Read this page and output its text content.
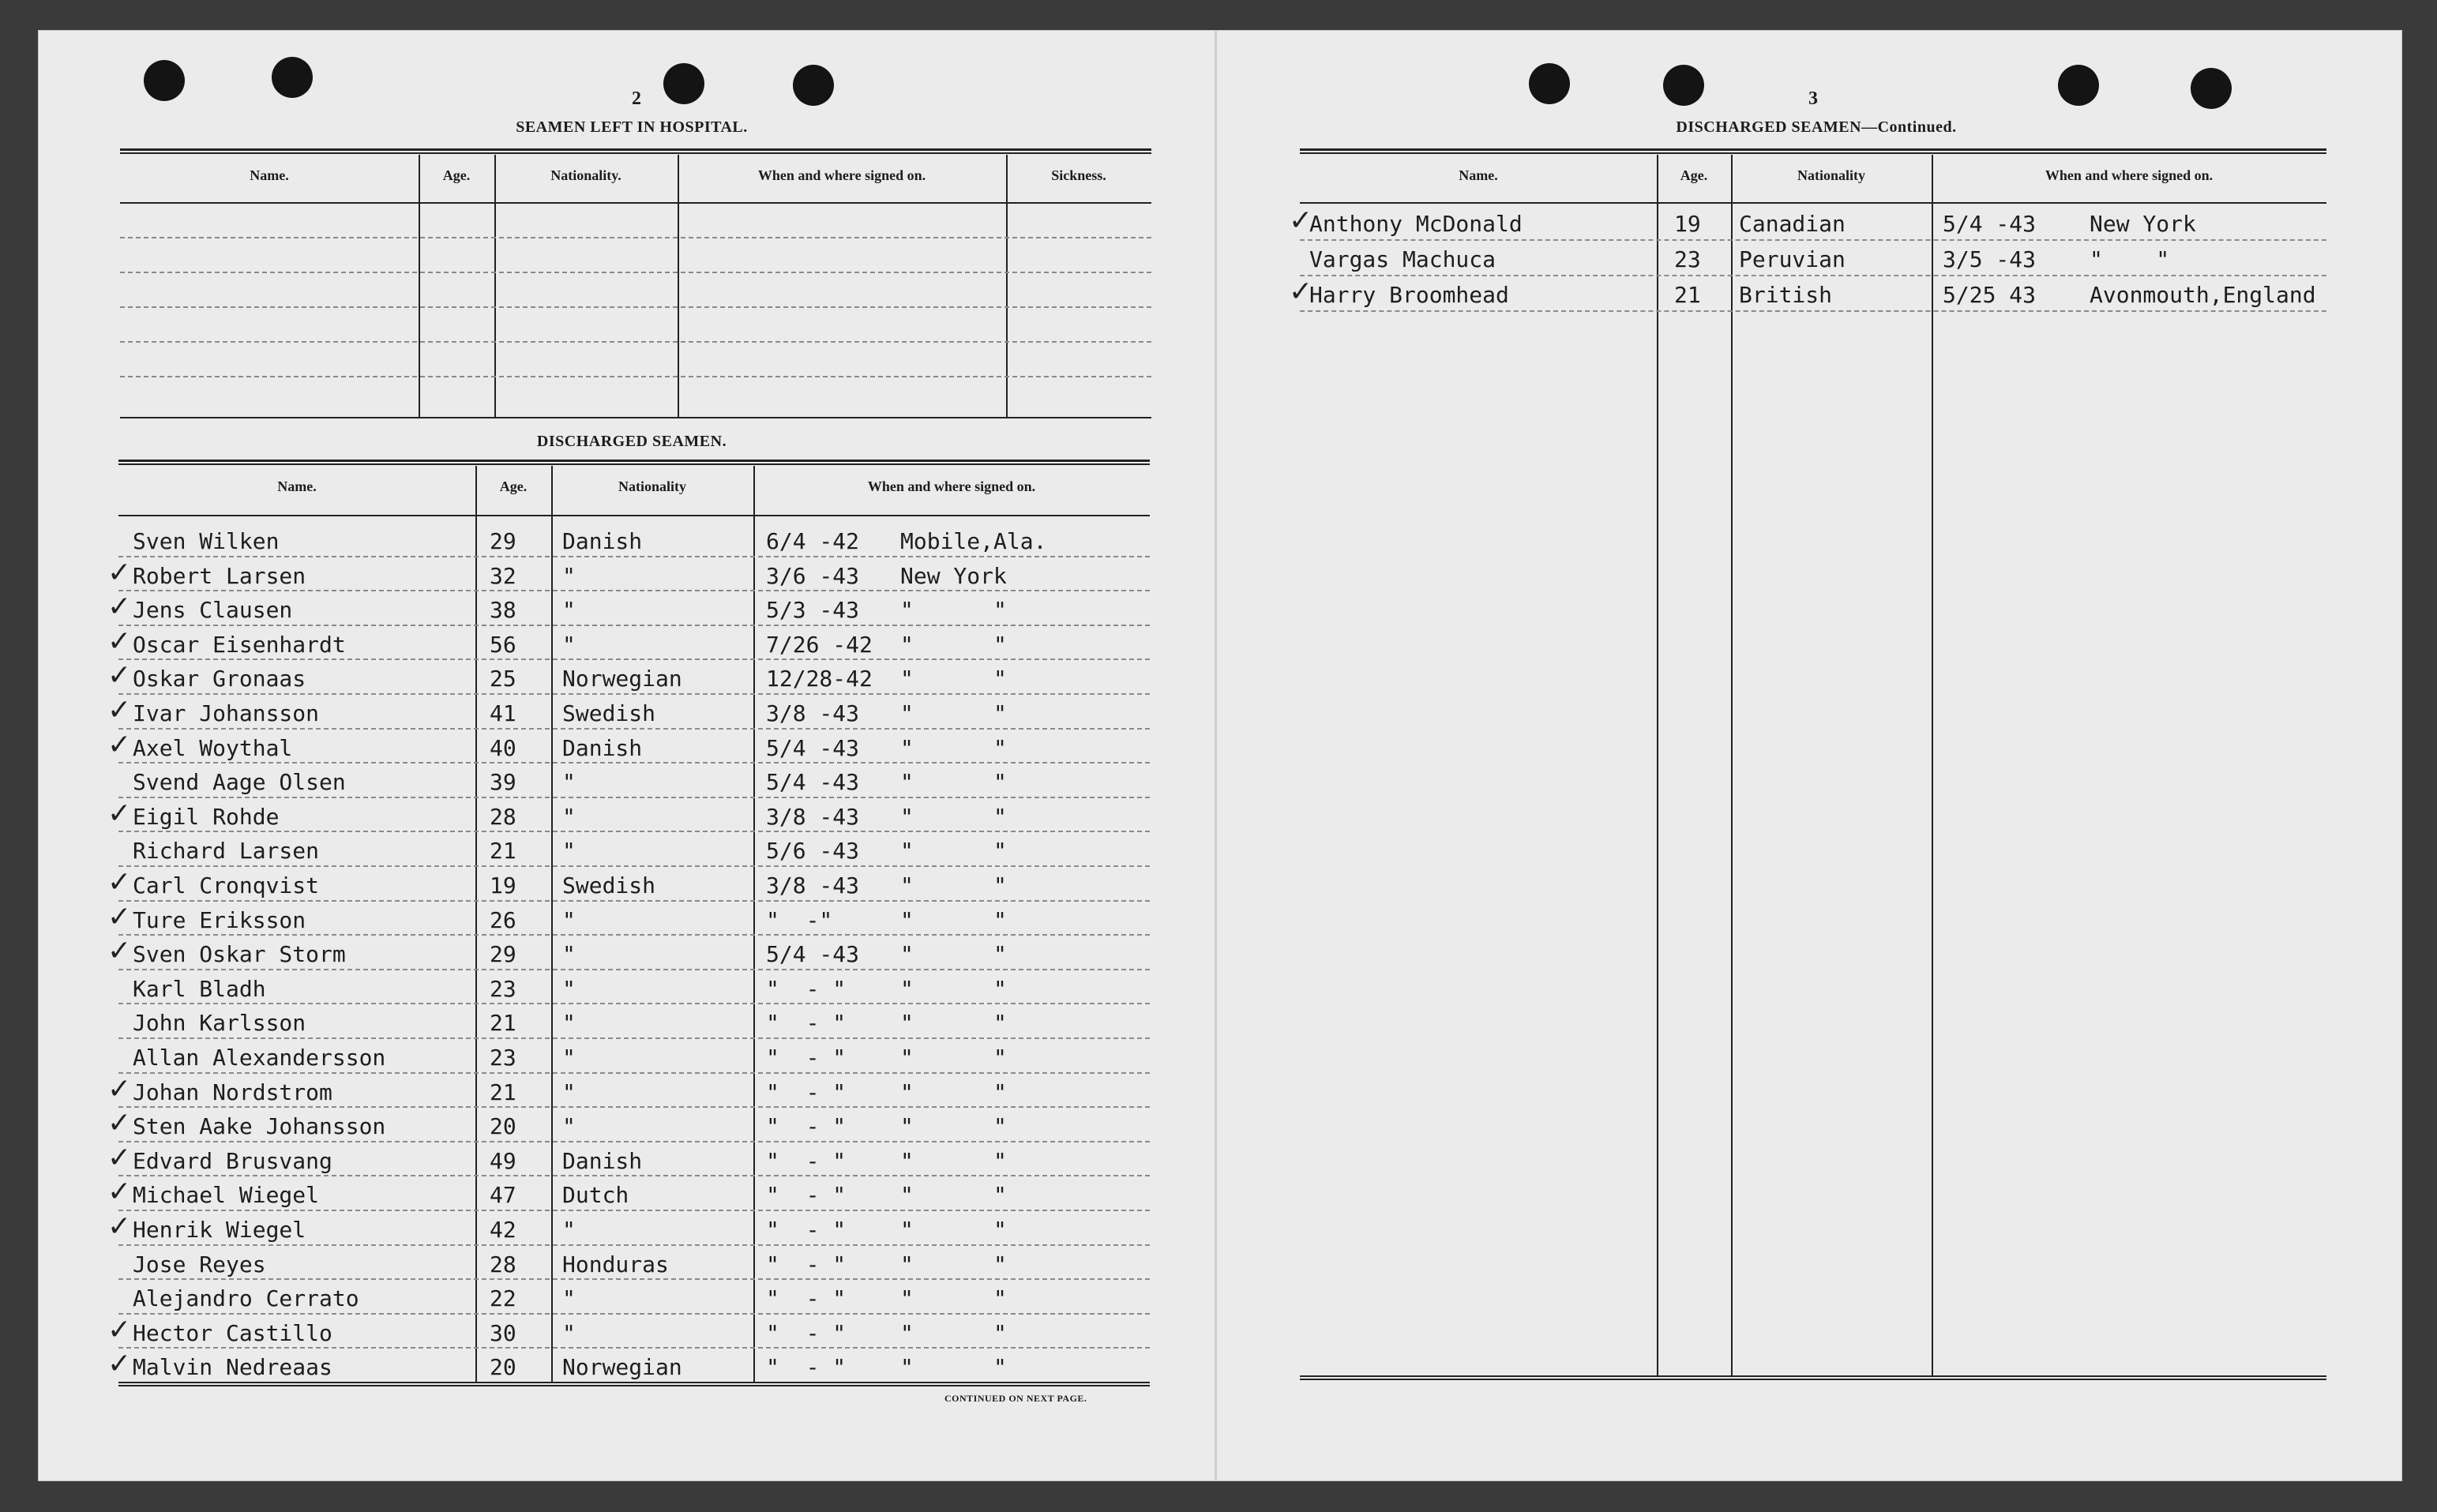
2
SEAMEN LEFT IN HOSPITAL.
Name.	Age.	Nationality.	When and where signed on.	Sickness.
DISCHARGED SEAMEN.
Name.	Age.	Nationality	When and where signed on.
Sven Wilken	29 Danish	6/4 -42 Mobile,Ala.
✓ Robert Larsen	32 "	3/6 -43 New York
✓ Jens Clausen	38 "	5/3 -43 "      "
✓ Oscar Eisenhardt	56 "	7/26 -42 "      "
✓ Oskar Gronaas	25 Norwegian	12/28-42 "      "
✓ Ivar Johansson	41 Swedish	3/8 -43 "      "
✓ Axel Woythal	40 Danish	5/4 -43 "      "
Svend Aage Olsen	39 "	5/4 -43 "      "
✓ Eigil Rohde	28 "	3/8 -43 "      "
Richard Larsen	21 "	5/6 -43 "      "
✓ Carl Cronqvist	19 Swedish	3/8 -43 "      "
✓ Ture Eriksson	26 "	"  -"	"      "
✓ Sven Oskar Storm	29 "	5/4 -43 "      "
Karl Bladh	23 "	"  - " "      "
John Karlsson	21 "	"  - " "      "
Allan Alexandersson	23 "	"  - " "      "
✓ Johan Nordstrom	21 "	"  - " "      "
✓ Sten Aake Johansson	20 "	"  - " "      "
✓ Edvard Brusvang	49 Danish	"  - " "      "
✓ Michael Wiegel	47 Dutch	"  - " "      "
✓ Henrik Wiegel	42 "	"  - " "      "
Jose Reyes	28 Honduras	"  - " "      "
Alejandro Cerrato	22 "	"  - " "      "
✓ Hector Castillo	30 "	"  - " "      "
✓ Malvin Nedreaas	20 Norwegian	"  - " "      "
CONTINUED ON NEXT PAGE.
3
DISCHARGED SEAMEN—Continued.
Name.	Age.	Nationality	When and where signed on.
✓
Anthony McDonald	19 Canadian	5/4 -43 New York
Vargas Machuca	23 Peruvian	3/5 -43 "    "
✓
Harry Broomhead	21 British	5/25 43 Avonmouth,England
